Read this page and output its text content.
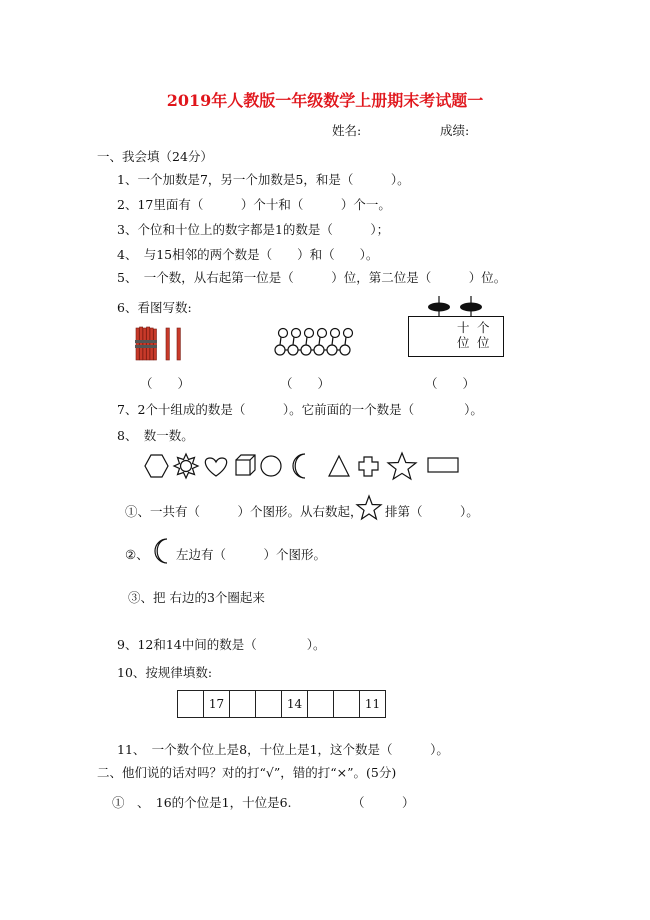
2019年人教版一年级数学上册期末考试题一
姓名:	成绩:
一、我会填（24分）
1、一个加数是7，另一个加数是5，和是（　　　）。
2、17里面有（　　　）个十和（　　　）个一。
3、个位和十位上的数字都是1的数是（　　　）；
4、　与15相邻的两个数是（　　）和（　　）。
5、　一个数，从右起第一位是（　　　）位，第二位是（　　　）位。
6、看图写数:
十 个
位 位
（　　）	（　　）	（　　）
7、2个十组成的数是（　　　）。它前面的一个数是（　　　　）。
8、　数一数。
①、一共有（　　　）个图形。从右数起， 排第（　　　）。
②、 左边有（　　　）个图形。
③、把 右边的3个圈起来
9、12和14中间的数是（　　　　）。
10、按规律填数:
	17			14			11
11、　一个数个位上是8，十位上是1，这个数是（　　　）。
二、他们说的话对吗？对的打“√”，错的打“×”。(5分)
①　、　16的个位是1，十位是6.	（　　　）
